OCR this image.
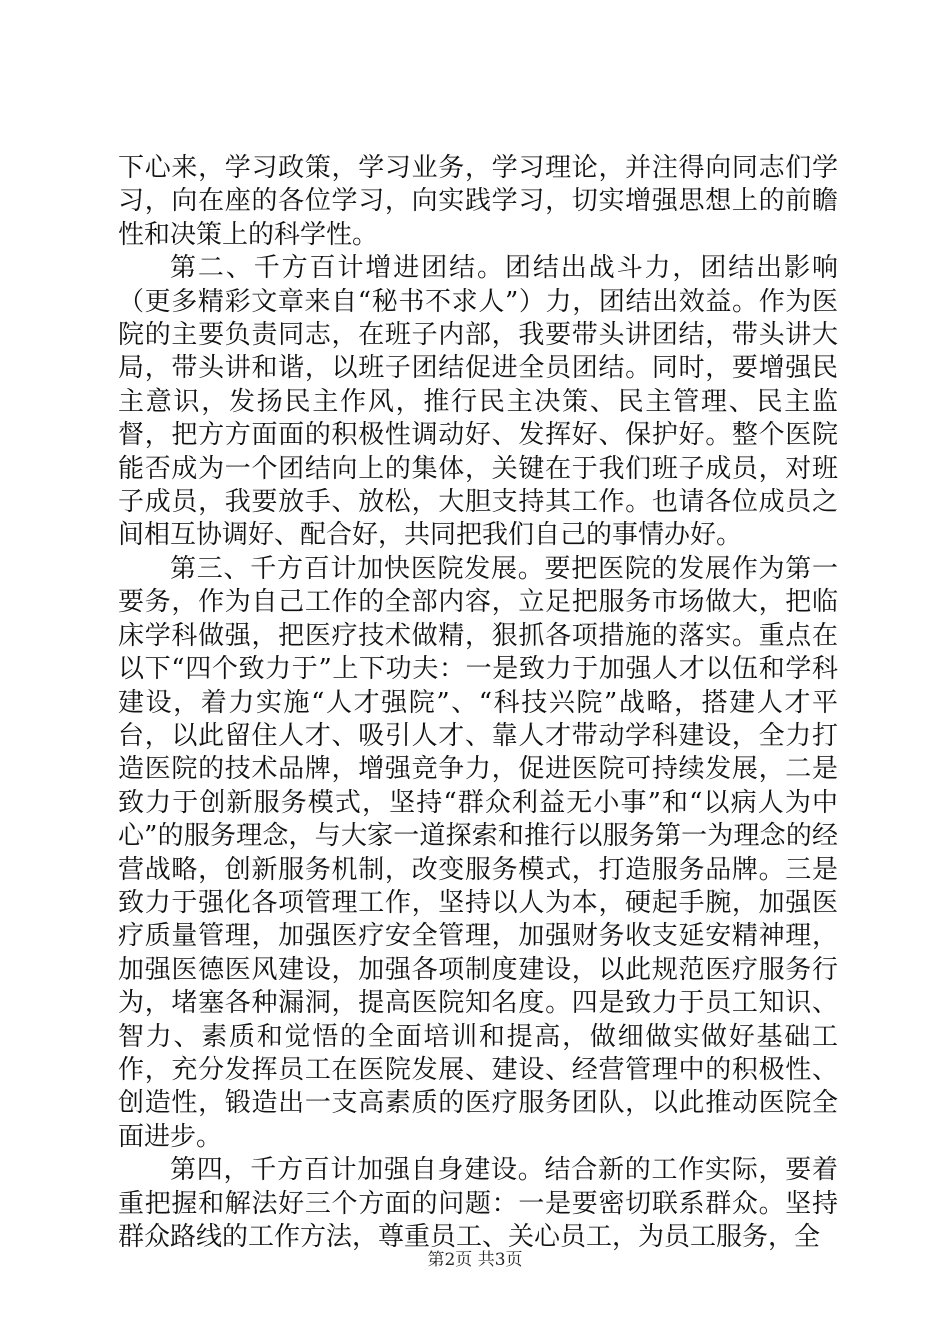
下心来，学习政策，学习业务，学习理论，并注得向同志们学习，向在座的各位学习，向实践学习，切实增强思想上的前瞻性和决策上的科学性。

第二、千方百计增进团结。团结出战斗力，团结出影响（更多精彩文章来自“秘书不求人”）力，团结出效益。作为医院的主要负责同志，在班子内部，我要带头讲团结，带头讲大局，带头讲和谐，以班子团结促进全员团结。同时，要增强民主意识，发扬民主作风，推行民主决策、民主管理、民主监督，把方方面面的积极性调动好、发挥好、保护好。整个医院能否成为一个团结向上的集体，关键在于我们班子成员，对班子成员，我要放手、放松，大胆支持其工作。也请各位成员之间相互协调好、配合好，共同把我们自己的事情办好。

第三、千方百计加快医院发展。要把医院的发展作为第一要务，作为自己工作的全部内容，立足把服务市场做大，把临床学科做强，把医疗技术做精，狠抓各项措施的落实。重点在以下“四个致力于”上下功夫：一是致力于加强人才以伍和学科建设，着力实施“人才强院”、“科技兴院”战略，搭建人才平台，以此留住人才、吸引人才、靠人才带动学科建设，全力打造医院的技术品牌，增强竞争力，促进医院可持续发展，二是致力于创新服务模式，坚持“群众利益无小事”和“以病人为中心”的服务理念，与大家一道探索和推行以服务第一为理念的经营战略，创新服务机制，改变服务模式，打造服务品牌。三是致力于强化各项管理工作，坚持以人为本，硬起手腕，加强医疗质量管理，加强医疗安全管理，加强财务收支延安精神理，加强医德医风建设，加强各项制度建设，以此规范医疗服务行为，堵塞各种漏洞，提高医院知名度。四是致力于员工知识、智力、素质和觉悟的全面培训和提高，做细做实做好基础工作，充分发挥员工在医院发展、建设、经营管理中的积极性、创造性，锻造出一支高素质的医疗服务团队，以此推动医院全面进步。

第四，千方百计加强自身建设。结合新的工作实际，要着重把握和解法好三个方面的问题：一是要密切联系群众。坚持群众路线的工作方法，尊重员工、关心员工，为员工服务，全

第2页 共3页
